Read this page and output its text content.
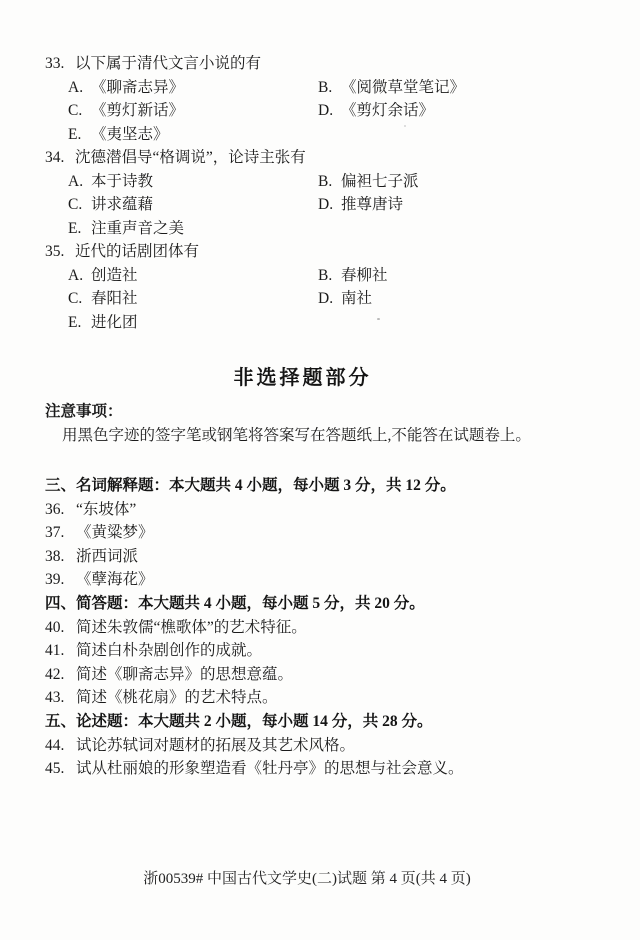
33. 以下属于清代文言小说的有
A. 《聊斋志异》	B. 《阅微草堂笔记》
C. 《剪灯新话》	D. 《剪灯余话》
E. 《夷坚志》
34. 沈德潜倡导“格调说”，论诗主张有
A. 本于诗教	B. 偏袒七子派
C. 讲求蕴藉	D. 推尊唐诗
E. 注重声音之美
35. 近代的话剧团体有
A. 创造社	B. 春柳社
C. 春阳社	D. 南社
E. 进化团
非选择题部分
注意事项：
用黑色字迹的签字笔或钢笔将答案写在答题纸上,不能答在试题卷上。
三、名词解释题：本大题共 4 小题，每小题 3 分，共 12 分。
36. “东坡体”
37. 《黄粱梦》
38. 浙西词派
39. 《孽海花》
四、简答题：本大题共 4 小题，每小题 5 分，共 20 分。
40. 简述朱敦儒“樵歌体”的艺术特征。
41. 简述白朴杂剧创作的成就。
42. 简述《聊斋志异》的思想意蕴。
43. 简述《桃花扇》的艺术特点。
五、论述题：本大题共 2 小题，每小题 14 分，共 28 分。
44. 试论苏轼词对题材的拓展及其艺术风格。
45. 试从杜丽娘的形象塑造看《牡丹亭》的思想与社会意义。
浙00539# 中国古代文学史(二)试题 第 4 页(共 4 页)
